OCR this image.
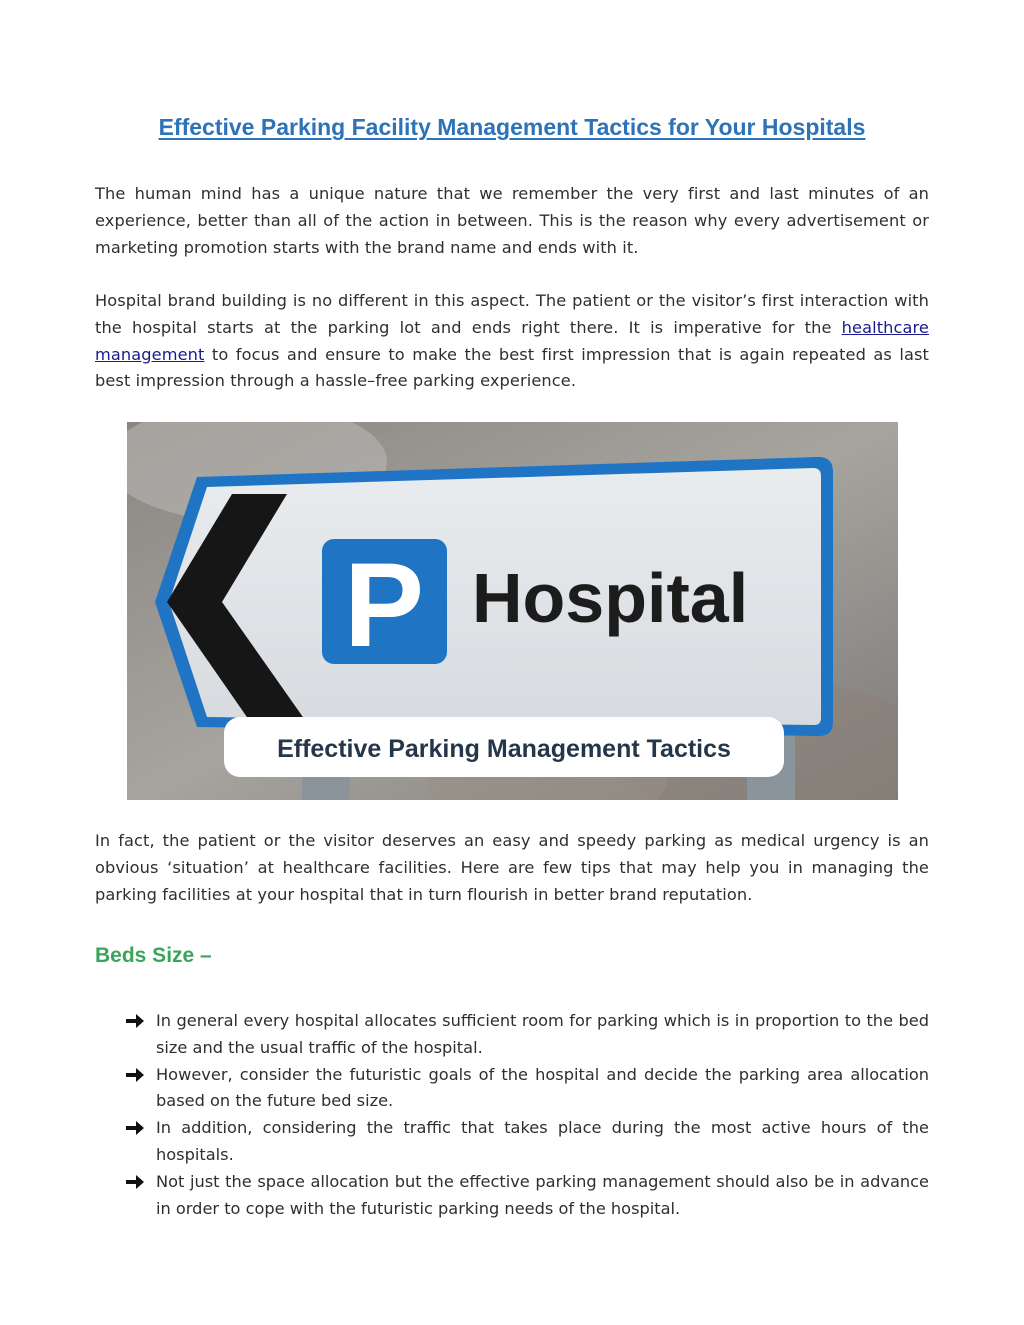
Effective Parking Facility Management Tactics for Your Hospitals

The human mind has a unique nature that we remember the very first and last minutes of an experience, better than all of the action in between. This is the reason why every advertisement or marketing promotion starts with the brand name and ends with it.

Hospital brand building is no different in this aspect. The patient or the visitor’s first interaction with the hospital starts at the parking lot and ends right there. It is imperative for the healthcare management to focus and ensure to make the best first impression that is again repeated as last best impression through a hassle–free parking experience.

P Hospital
Effective Parking Management Tactics

In fact, the patient or the visitor deserves an easy and speedy parking as medical urgency is an obvious ‘situation’ at healthcare facilities. Here are few tips that may help you in managing the parking facilities at your hospital that in turn flourish in better brand reputation.

Beds Size –
In general every hospital allocates sufficient room for parking which is in proportion to the bed size and the usual traffic of the hospital.
However, consider the futuristic goals of the hospital and decide the parking area allocation based on the future bed size.
In addition, considering the traffic that takes place during the most active hours of the hospitals.
Not just the space allocation but the effective parking management should also be in advance in order to cope with the futuristic parking needs of the hospital.
